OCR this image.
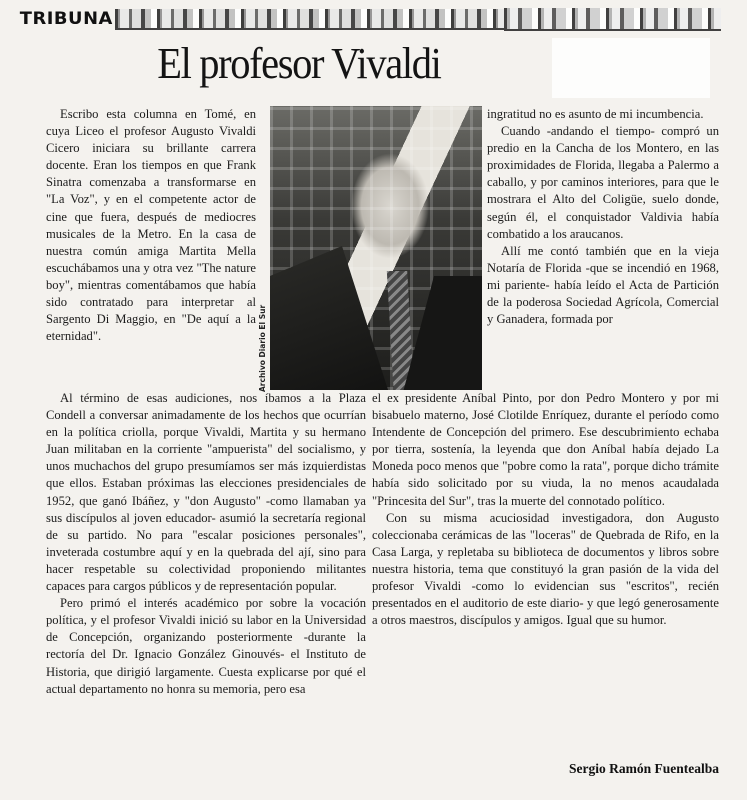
TRIBUNA
El profesor Vivaldi

Escribo esta columna en Tomé, en cuya Liceo el profesor Augusto Vivaldi Cicero iniciara su brillante carrera docente. Eran los tiempos en que Frank Sinatra comenzaba a transformarse en "La Voz", y en el competente actor de cine que fuera, después de mediocres musicales de la Metro. En la casa de nuestra común amiga Martita Mella escuchábamos una y otra vez "The nature boy", mientras comentábamos que había sido contratado para interpretar al Sargento Di Maggio, en "De aquí a la eternidad".	Archivo Diario El Sur

ingratitud no es asunto de mi incumbencia.

Cuando -andando el tiempo- compró un predio en la Cancha de los Montero, en las proximidades de Florida, llegaba a Palermo a caballo, y por caminos interiores, para que le mostrara el Alto del Coligüe, suelo donde, según él, el conquistador Valdivia había combatido a los araucanos.

Allí me contó también que en la vieja Notaría de Florida -que se incendió en 1968, mi pariente- había leído el Acta de Partición de la poderosa Sociedad Agrícola, Comercial y Ganadera, formada por

Al término de esas audiciones, nos íbamos a la Plaza Condell a conversar animadamente de los hechos que ocurrían en la política criolla, porque Vivaldi, Martita y su hermano Juan militaban en la corriente "ampuerista" del socialismo, y unos muchachos del grupo presumíamos ser más izquierdistas que ellos. Estaban próximas las elecciones presidenciales de 1952, que ganó Ibáñez, y "don Augusto" -como llamaban ya sus discípulos al joven educador- asumió la secretaría regional de su partido. No para "escalar posiciones personales", inveterada costumbre aquí y en la quebrada del ají, sino para hacer respetable su colectividad proponiendo militantes capaces para cargos públicos y de representación popular.

Pero primó el interés académico por sobre la vocación política, y el profesor Vivaldi inició su labor en la Universidad de Concepción, organizando posteriormente -durante la rectoría del Dr. Ignacio González Ginouvés- el Instituto de Historia, que dirigió largamente. Cuesta explicarse por qué el actual departamento no honra su memoria, pero esa

el ex presidente Aníbal Pinto, por don Pedro Montero y por mi bisabuelo materno, José Clotilde Enríquez, durante el período como Intendente de Concepción del primero. Ese descubrimiento echaba por tierra, sostenía, la leyenda que don Aníbal había dejado La Moneda poco menos que "pobre como la rata", porque dicho trámite había sido solicitado por su viuda, la no menos acaudalada "Princesita del Sur", tras la muerte del connotado político.

Con su misma acuciosidad investigadora, don Augusto coleccionaba cerámicas de las "loceras" de Quebrada de Rifo, en la Casa Larga, y repletaba su biblioteca de documentos y libros sobre nuestra historia, tema que constituyó la gran pasión de la vida del profesor Vivaldi -como lo evidencian sus "escritos", recién presentados en el auditorio de este diario- y que legó generosamente a otros maestros, discípulos y amigos. Igual que su humor.

Sergio Ramón Fuentealba
